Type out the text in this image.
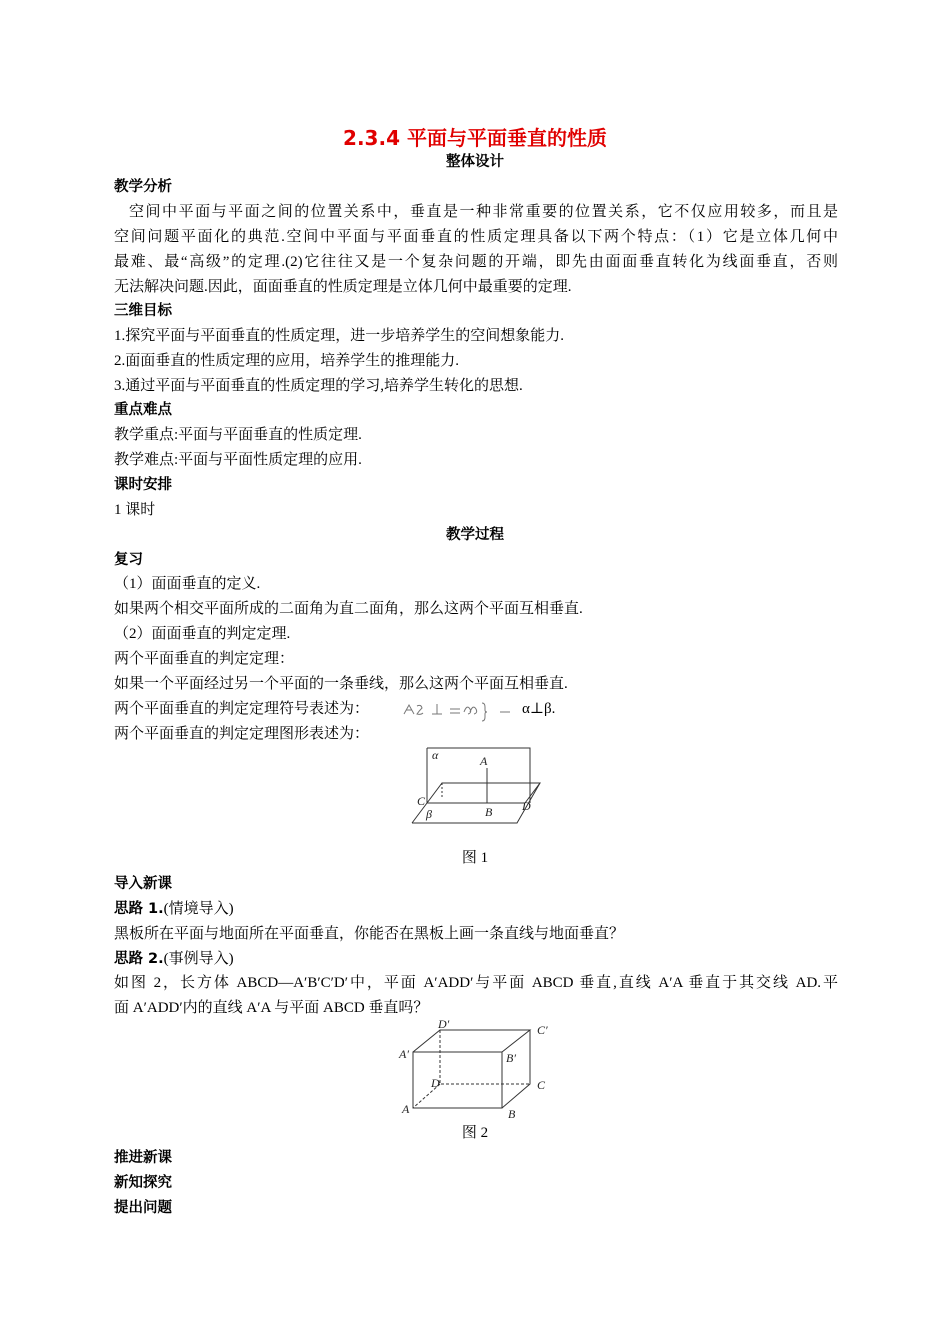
2.3.4 平面与平面垂直的性质
整体设计
教学分析
空间中平面与平面之间的位置关系中，垂直是一种非常重要的位置关系，它不仅应用较多，而且是
空间问题平面化的典范.空间中平面与平面垂直的性质定理具备以下两个特点：（1）它是立体几何中
最难、最“高级”的定理.(2)它往往又是一个复杂问题的开端，即先由面面垂直转化为线面垂直，否则
无法解决问题.因此，面面垂直的性质定理是立体几何中最重要的定理.
三维目标
1.探究平面与平面垂直的性质定理，进一步培养学生的空间想象能力.
2.面面垂直的性质定理的应用，培养学生的推理能力.
3.通过平面与平面垂直的性质定理的学习,培养学生转化的思想.
重点难点
教学重点:平面与平面垂直的性质定理.
教学难点:平面与平面性质定理的应用.
课时安排
1 课时
教学过程
复习
（1）面面垂直的定义.
如果两个相交平面所成的二面角为直二面角，那么这两个平面互相垂直.
（2）面面垂直的判定定理.
两个平面垂直的判定定理：
如果一个平面经过另一个平面的一条垂线，那么这两个平面互相垂直.
两个平面垂直的判定定理符号表述为：	α⊥β.
两个平面垂直的判定定理图形表述为：
α	A
C
B D
β
图 1
导入新课
思路 1.(情境导入)
黑板所在平面与地面所在平面垂直，你能否在黑板上画一条直线与地面垂直？
思路 2.(事例导入)
如图 2，长方体 ABCD—A′B′C′D′中，平面 A′ADD′与平面 ABCD 垂直,直线 A′A 垂直于其交线 AD.平
面 A′ADD′内的直线 A′A 与平面 ABCD 垂直吗？
D′	C′
A′	B′
D	C
A	B
图 2
推进新课
新知探究
提出问题
